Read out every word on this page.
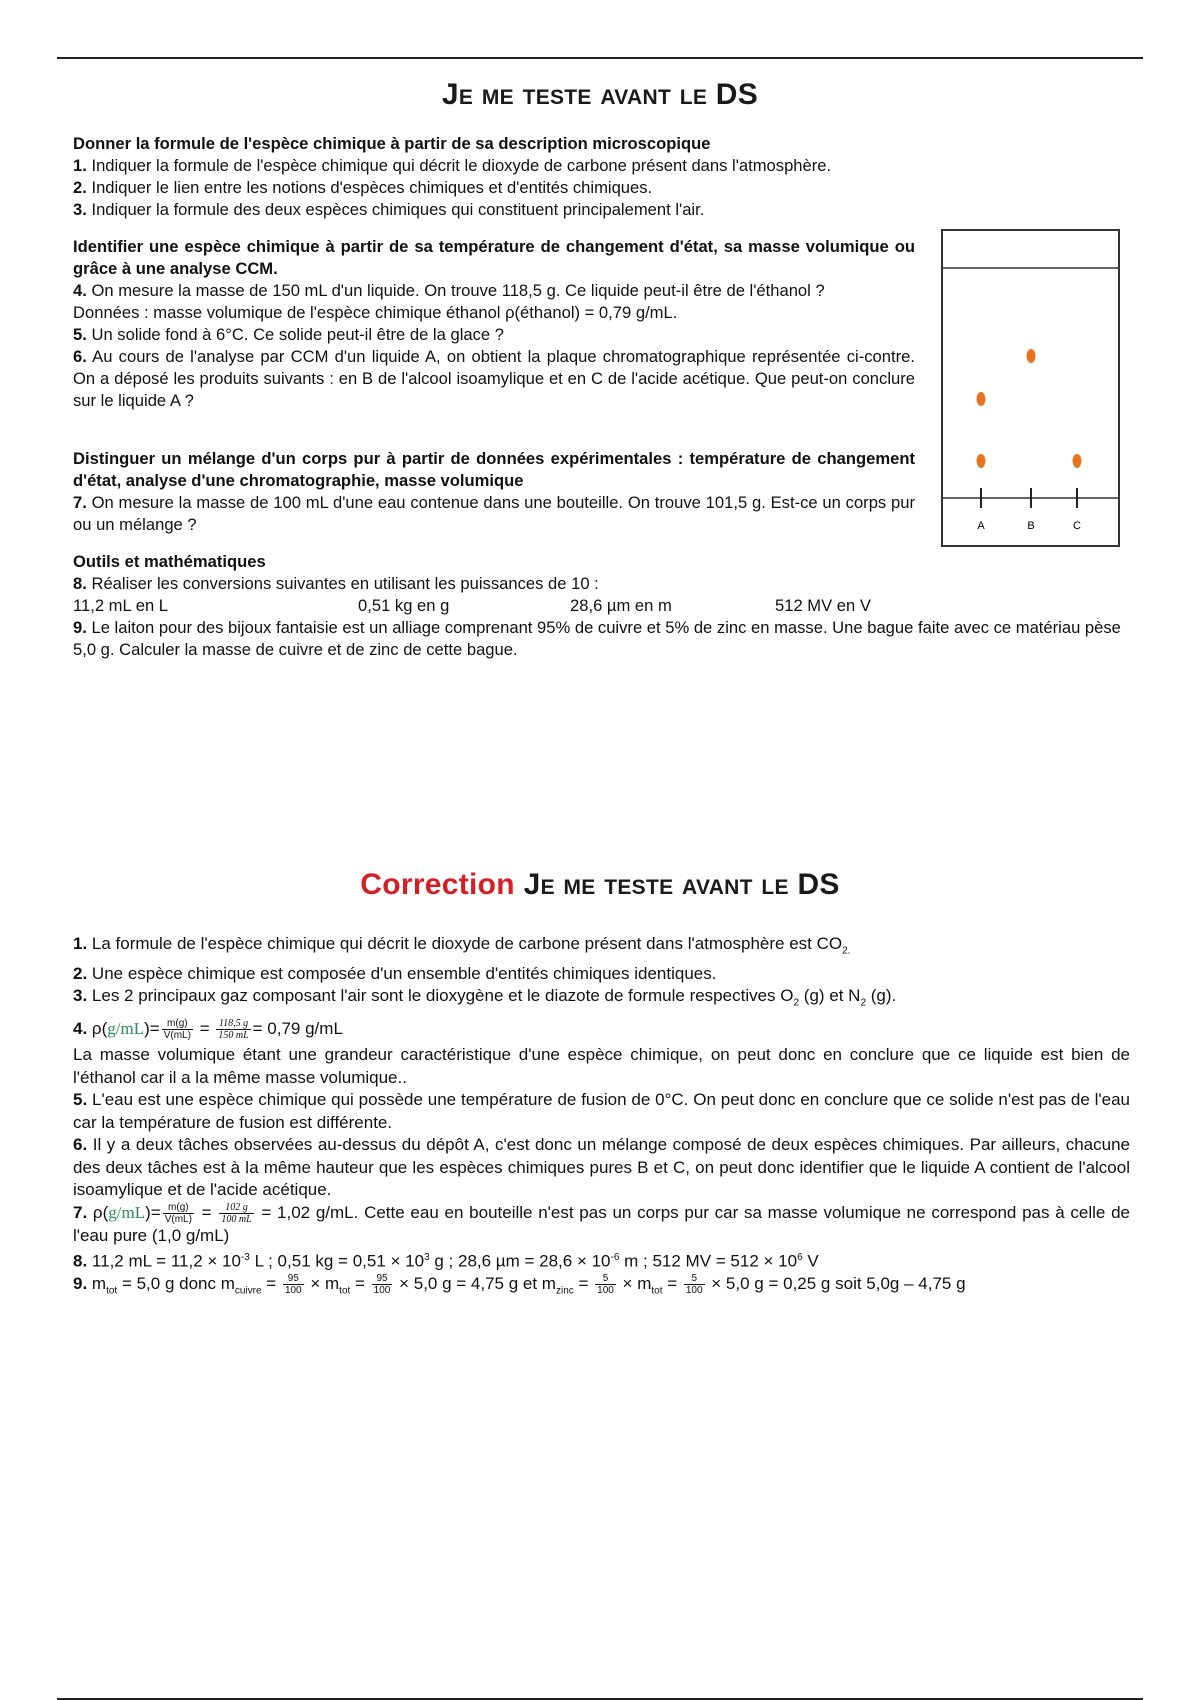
Je me teste avant le DS

Donner la formule de l'espèce chimique à partir de sa description microscopique

1. Indiquer la formule de l'espèce chimique qui décrit le dioxyde de carbone présent dans l'atmosphère.

2. Indiquer le lien entre les notions d'espèces chimiques et d'entités chimiques.

3. Indiquer la formule des deux espèces chimiques qui constituent principalement l'air.

Identifier une espèce chimique à partir de sa température de changement d'état, sa masse volumique ou grâce à une analyse CCM.

4. On mesure la masse de 150 mL d'un liquide. On trouve 118,5 g. Ce liquide peut-il être de l'éthanol ?

Données : masse volumique de l'espèce chimique éthanol ρ(éthanol) = 0,79 g/mL.

5. Un solide fond à 6°C. Ce solide peut-il être de la glace ?

6. Au cours de l'analyse par CCM d'un liquide A, on obtient la plaque chromatographique représentée ci-contre. On a déposé les produits suivants : en B de l'alcool isoamylique et en C de l'acide acétique. Que peut-on conclure sur le liquide A ?

A	B	C

Distinguer un mélange d'un corps pur à partir de données expérimentales : température de changement d'état, analyse d'une chromatographie, masse volumique

7. On mesure la masse de 100 mL d'une eau contenue dans une bouteille. On trouve 101,5 g. Est-ce un corps pur ou un mélange ?

Outils et mathématiques

8. Réaliser les conversions suivantes en utilisant les puissances de 10 :

11,2 mL en L	0,51 kg en g	28,6 µm en m	512 MV en V

9. Le laiton pour des bijoux fantaisie est un alliage comprenant 95% de cuivre et 5% de zinc en masse. Une bague faite avec ce matériau pèse 5,0 g. Calculer la masse de cuivre et de zinc de cette bague.

Correction Je me teste avant le DS

1. La formule de l'espèce chimique qui décrit le dioxyde de carbone présent dans l'atmosphère est $CO_{2.}$

2. Une espèce chimique est composée d'un ensemble d'entités chimiques identiques.

3. Les 2 principaux gaz composant l'air sont le dioxygène et le diazote de formule respectives $O_2$ (g) et $N_2$ (g).

4. $\rho(g/mL)= \frac{m(g)}{V(mL)} = \frac{118,5 g}{150 mL} = 0,79$ g/mL

La masse volumique étant une grandeur caractéristique d'une espèce chimique, on peut donc en conclure que ce liquide est bien de l'éthanol car il a la même masse volumique..

5. L'eau est une espèce chimique qui possède une température de fusion de 0°C. On peut donc en conclure que ce solide n'est pas de l'eau car la température de fusion est différente.

6. Il y a deux tâches observées au-dessus du dépôt A, c'est donc un mélange composé de deux espèces chimiques. Par ailleurs, chacune des deux tâches est à la même hauteur que les espèces chimiques pures B et C, on peut donc identifier que le liquide A contient de l'alcool isoamylique et de l'acide acétique.

7. $\rho(g/mL)= \frac{m(g)}{V(mL)} = \frac{102 g}{100 mL} = 1,02$ g/mL. Cette eau en bouteille n'est pas un corps pur car sa masse volumique ne correspond pas à celle de l'eau pure (1,0 g/mL)

8. 11,2 mL = $11,2 \times 10^{-3}$ L ; 0,51 kg = $0,51 \times 10^3$ g ; 28,6 $\mu m = 28,6 \times 10^{-6}$ m ; 512 MV = $512 \times 10^6$ V

9. $m_{tot} = 5,0$ g donc $m_{cuivre} = \frac{95}{100} \times m_{tot} = \frac{95}{100} \times 5,0$ g = 4,75 g et $m_{zinc} = \frac{5}{100} \times m_{tot} = \frac{5}{100} \times 5,0$ g = 0,25 g soit 5,0g – 4,75 g
